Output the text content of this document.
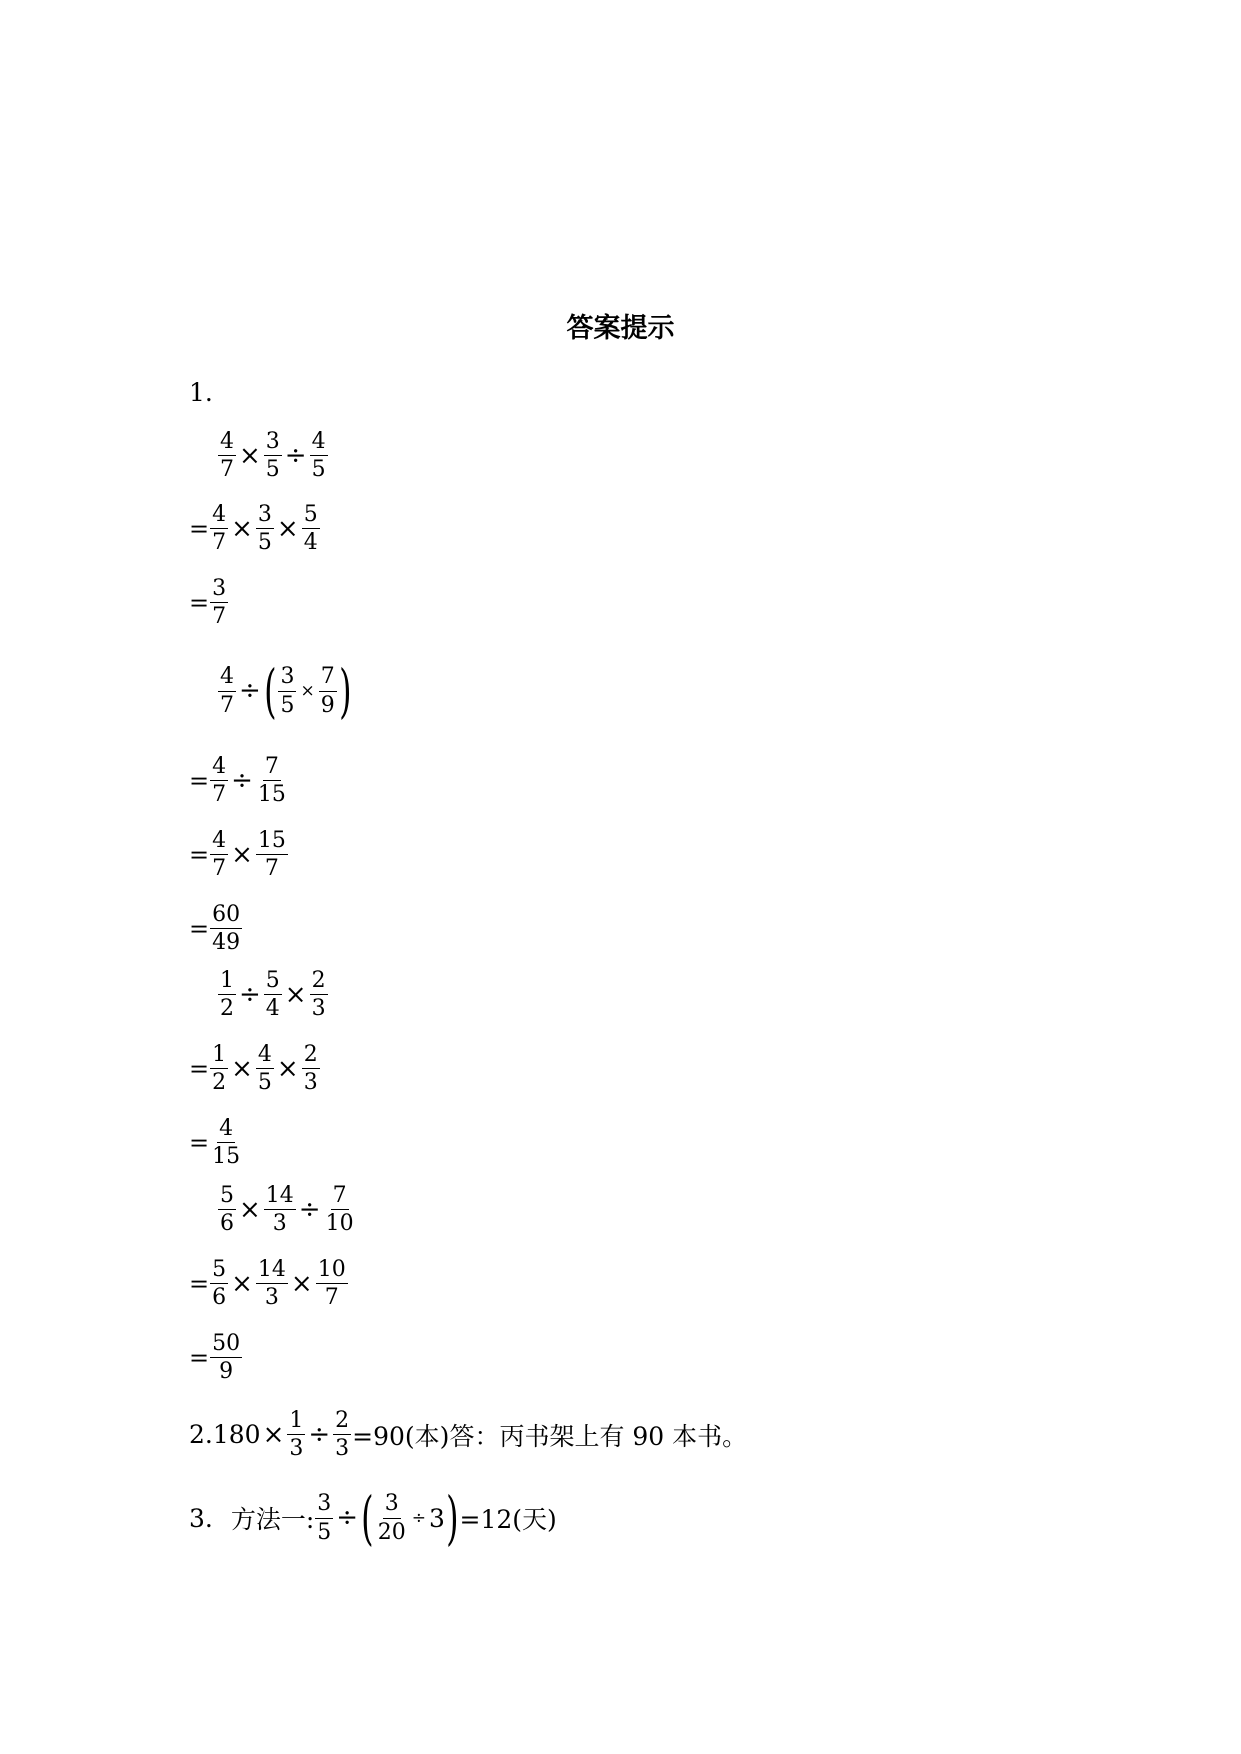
答案提示
1.
$\frac{4}{7} \times \frac{3}{5} \div \frac{4}{5}$
= $\frac{4}{7} \times \frac{3}{5} \times \frac{5}{4}$
= $\frac{3}{7}$
$\frac{4}{7}$ ÷ ( $\frac{3}{5} \times \frac{7}{9}$ )
= $\frac{4}{7} \div \frac{7}{15}$
= $\frac{4}{7} \times \frac{15}{7}$
= $\frac{60}{49}$
$\frac{1}{2} \div \frac{5}{4} \times \frac{2}{3}$
= $\frac{1}{2} \times \frac{4}{5} \times \frac{2}{3}$
= $\frac{4}{15}$
$\frac{5}{6} \times \frac{14}{3} \div \frac{7}{10}$
= $\frac{5}{6} \times \frac{14}{3} \times \frac{10}{7}$
= $\frac{50}{9}$
2. $180 \times \frac{1}{3} \div \frac{2}{3} =90$(本)答：丙书架上有 90 本书。
3. 方法一: $\frac{3}{5}$ ÷ ( $\frac{3}{20} \div 3$ ) =12(天)
